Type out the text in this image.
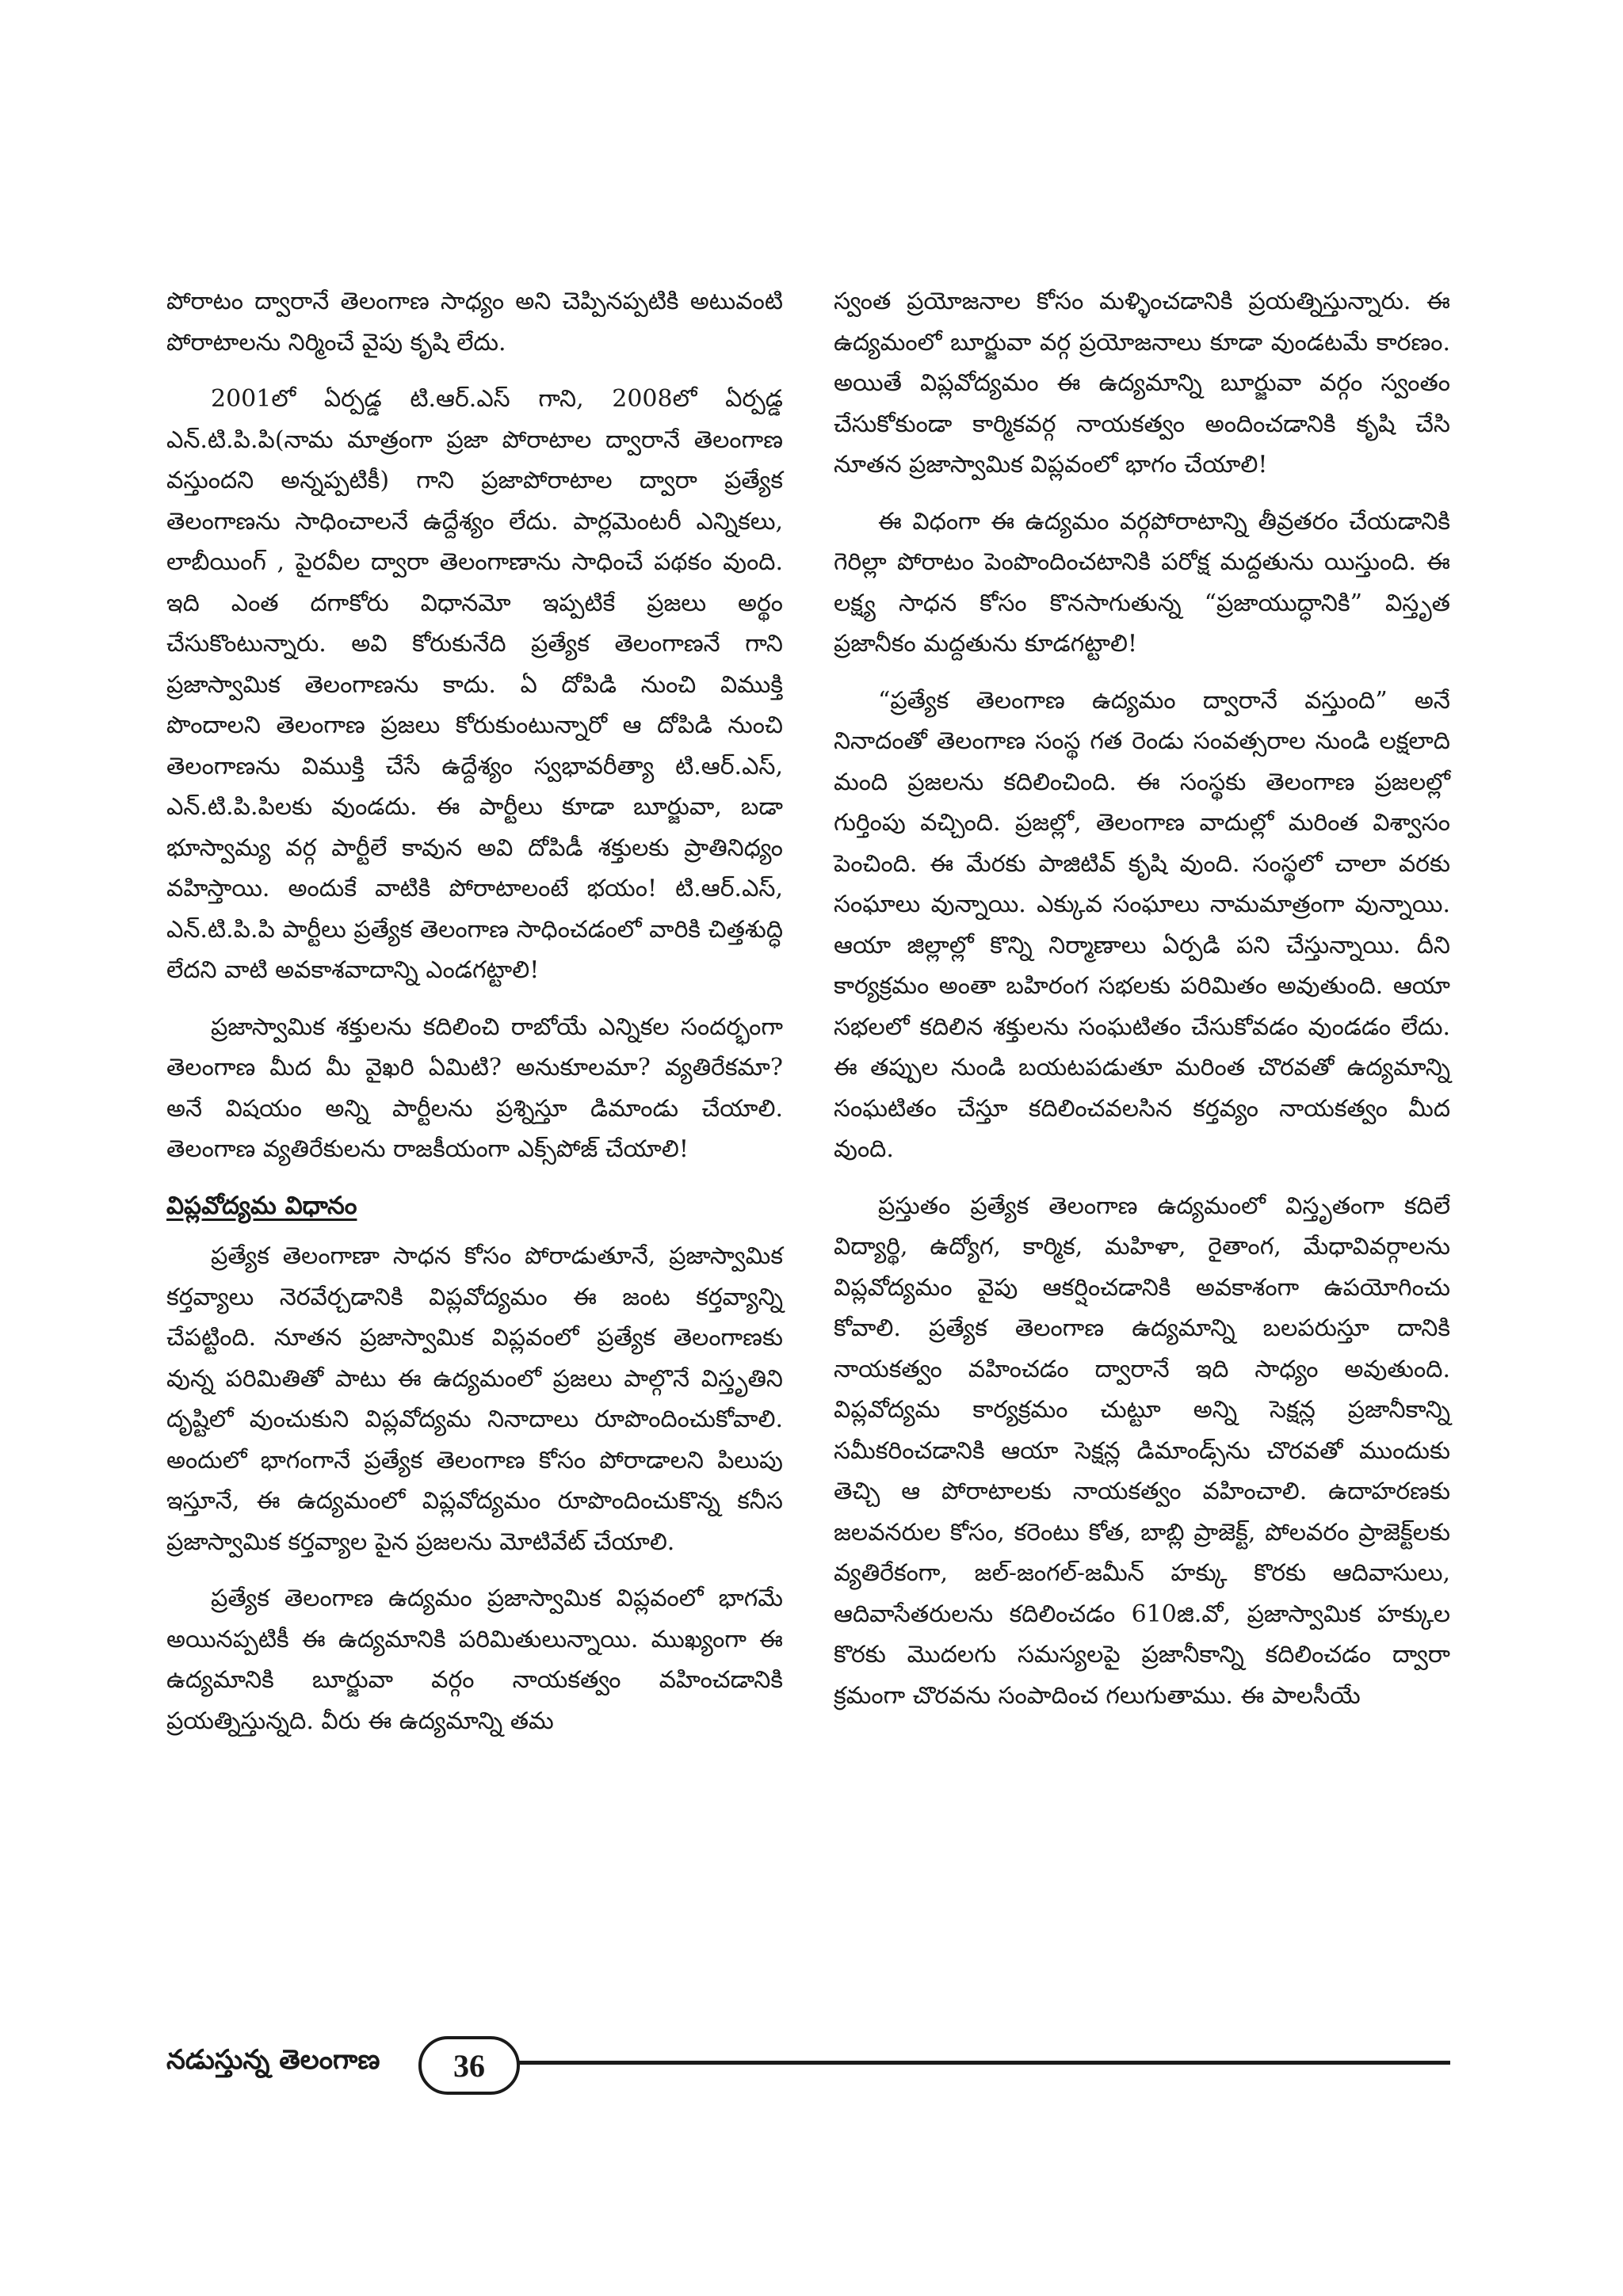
పోరాటం ద్వారానే తెలంగాణ సాధ్యం అని చెప్పినప్పటికి అటువంటి పోరాటాలను నిర్మించే వైపు కృషి లేదు.

2001లో ఏర్పడ్డ టి.ఆర్.ఎస్ గాని, 2008లో ఏర్పడ్డ ఎన్.టి.పి.పి(నామ మాత్రంగా ప్రజా పోరాటాల ద్వారానే తెలంగాణ వస్తుందని అన్నప్పటికీ) గాని ప్రజాపోరాటాల ద్వారా ప్రత్యేక తెలంగాణను సాధించాలనే ఉద్దేశ్యం లేదు. పార్లమెంటరీ ఎన్నికలు, లాబీయింగ్ , పైరవీల ద్వారా తెలంగాణాను సాధించే పథకం వుంది. ఇది ఎంత దగాకోరు విధానమో ఇప్పటికే ప్రజలు అర్థం చేసుకొంటున్నారు. అవి కోరుకునేది ప్రత్యేక తెలంగాణనే గాని ప్రజాస్వామిక తెలంగాణను కాదు. ఏ దోపిడి నుంచి విముక్తి పొందాలని తెలంగాణ ప్రజలు కోరుకుంటున్నారో ఆ దోపిడి నుంచి తెలంగాణను విముక్తి చేసే ఉద్దేశ్యం స్వభావరీత్యా టి.ఆర్.ఎస్, ఎన్.టి.పి.పిలకు వుండదు. ఈ పార్టీలు కూడా బూర్జువా, బడా భూస్వామ్య వర్గ పార్టీలే కావున అవి దోపిడీ శక్తులకు ప్రాతినిధ్యం వహిస్తాయి. అందుకే వాటికి పోరాటాలంటే భయం! టి.ఆర్.ఎస్, ఎన్.టి.పి.పి పార్టీలు ప్రత్యేక తెలంగాణ సాధించడంలో వారికి చిత్తశుద్ధి లేదని వాటి అవకాశవాదాన్ని ఎండగట్టాలి!

ప్రజాస్వామిక శక్తులను కదిలించి రాబోయే ఎన్నికల సందర్భంగా తెలంగాణ మీద మీ వైఖరి ఏమిటి? అనుకూలమా? వ్యతిరేకమా? అనే విషయం అన్ని పార్టీలను ప్రశ్నిస్తూ డిమాండు చేయాలి. తెలంగాణ వ్యతిరేకులను రాజకీయంగా ఎక్స్‌పోజ్ చేయాలి!

విప్లవోద్యమ విధానం

ప్రత్యేక తెలంగాణా సాధన కోసం పోరాడుతూనే, ప్రజాస్వామిక కర్తవ్యాలు నెరవేర్చడానికి విప్లవోద్యమం ఈ జంట కర్తవ్యాన్ని చేపట్టింది. నూతన ప్రజాస్వామిక విప్లవంలో ప్రత్యేక తెలంగాణకు వున్న పరిమితితో పాటు ఈ ఉద్యమంలో ప్రజలు పాల్గొనే విస్తృతిని దృష్టిలో వుంచుకుని విప్లవోద్యమ నినాదాలు రూపొందించుకోవాలి. అందులో భాగంగానే ప్రత్యేక తెలంగాణ కోసం పోరాడాలని పిలుపు ఇస్తూనే, ఈ ఉద్యమంలో విప్లవోద్యమం రూపొందించుకొన్న కనీస ప్రజాస్వామిక కర్తవ్యాల పైన ప్రజలను మోటివేట్ చేయాలి.

ప్రత్యేక తెలంగాణ ఉద్యమం ప్రజాస్వామిక విప్లవంలో భాగమే అయినప్పటికీ ఈ ఉద్యమానికి పరిమితులున్నాయి. ముఖ్యంగా ఈ ఉద్యమానికి బూర్జువా వర్గం నాయకత్వం వహించడానికి ప్రయత్నిస్తున్నది. వీరు ఈ ఉద్యమాన్ని తమ

స్వంత ప్రయోజనాల కోసం మళ్ళించడానికి ప్రయత్నిస్తున్నారు. ఈ ఉద్యమంలో బూర్జువా వర్గ ప్రయోజనాలు కూడా వుండటమే కారణం. అయితే విప్లవోద్యమం ఈ ఉద్యమాన్ని బూర్జువా వర్గం స్వంతం చేసుకోకుండా కార్మికవర్గ నాయకత్వం అందించడానికి కృషి చేసి నూతన ప్రజాస్వామిక విప్లవంలో భాగం చేయాలి!

ఈ విధంగా ఈ ఉద్యమం వర్గపోరాటాన్ని తీవ్రతరం చేయడానికి గెరిల్లా పోరాటం పెంపొందించటానికి పరోక్ష మద్దతును యిస్తుంది. ఈ లక్ష్య సాధన కోసం కొనసాగుతున్న “ప్రజాయుద్ధానికి” విస్తృత ప్రజానీకం మద్దతును కూడగట్టాలి!

“ప్రత్యేక తెలంగాణ ఉద్యమం ద్వారానే వస్తుంది” అనే నినాదంతో తెలంగాణ సంస్థ గత రెండు సంవత్సరాల నుండి లక్షలాది మంది ప్రజలను కదిలించింది. ఈ సంస్థకు తెలంగాణ ప్రజలల్లో గుర్తింపు వచ్చింది. ప్రజల్లో, తెలంగాణ వాదుల్లో మరింత విశ్వాసం పెంచింది. ఈ మేరకు పాజిటివ్ కృషి వుంది. సంస్థలో చాలా వరకు సంఘాలు వున్నాయి. ఎక్కువ సంఘాలు నామమాత్రంగా వున్నాయి. ఆయా జిల్లాల్లో కొన్ని నిర్మాణాలు ఏర్పడి పని చేస్తున్నాయి. దీని కార్యక్రమం అంతా బహిరంగ సభలకు పరిమితం అవుతుంది. ఆయా సభలలో కదిలిన శక్తులను సంఘటితం చేసుకోవడం వుండడం లేదు. ఈ తప్పుల నుండి బయటపడుతూ మరింత చొరవతో ఉద్యమాన్ని సంఘటితం చేస్తూ కదిలించవలసిన కర్తవ్యం నాయకత్వం మీద వుంది.

ప్రస్తుతం ప్రత్యేక తెలంగాణ ఉద్యమంలో విస్తృతంగా కదిలే విద్యార్థి, ఉద్యోగ, కార్మిక, మహిళా, రైతాంగ, మేధావివర్గాలను విప్లవోద్యమం వైపు ఆకర్షించడానికి అవకాశంగా ఉపయోగించు కోవాలి. ప్రత్యేక తెలంగాణ ఉద్యమాన్ని బలపరుస్తూ దానికి నాయకత్వం వహించడం ద్వారానే ఇది సాధ్యం అవుతుంది. విప్లవోద్యమ కార్యక్రమం చుట్టూ అన్ని సెక్షన్ల ప్రజానీకాన్ని సమీకరించడానికి ఆయా సెక్షన్ల డిమాండ్స్‌ను చొరవతో ముందుకు తెచ్చి ఆ పోరాటాలకు నాయకత్వం వహించాలి. ఉదాహరణకు జలవనరుల కోసం, కరెంటు కోత, బాబ్లి ప్రాజెక్ట్, పోలవరం ప్రాజెక్ట్‌లకు వ్యతిరేకంగా, జల్-జంగల్-జమీన్ హక్కు కొరకు ఆదివాసులు, ఆదివాసేతరులను కదిలించడం 610జి.వో, ప్రజాస్వామిక హక్కుల కొరకు మొదలగు సమస్యలపై ప్రజానీకాన్ని కదిలించడం ద్వారా క్రమంగా చొరవను సంపాదించ గలుగుతాము. ఈ పాలసీయే

నడుస్తున్న తెలంగాణ	36
